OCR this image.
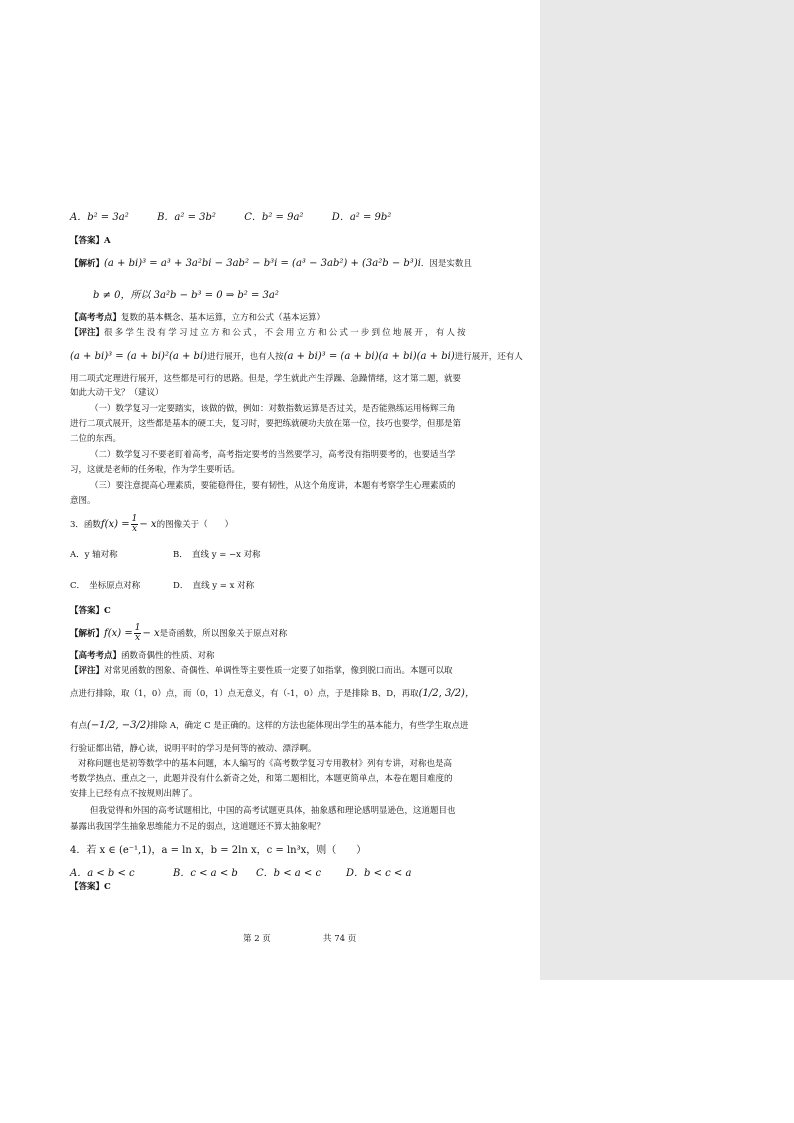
A．b² = 3a²	B．a² = 3b²	C．b² = 9a²	D．a² = 9b²
【答案】A
【解析】(a + bi)³ = a³ + 3a²bi − 3ab² − b³i = (a³ − 3ab²) + (3a²b − b³)i．因是实数且
b ≠ 0，所以 3a²b − b³ = 0 ⇒ b² = 3a²
【高考考点】复数的基本概念、基本运算，立方和公式（基本运算）
【评注】很多学生没有学习过立方和公式，不会用立方和公式一步到位地展开，有人按
(a + bi)³ = (a + bi)²(a + bi)进行展开，也有人按(a + bi)³ = (a + bi)(a + bi)(a + bi)进行展开，还有人
用二项式定理进行展开，这些都是可行的思路。但是，学生就此产生浮躁、急躁情绪，这才第二题，就要
如此大动干戈？（建议）
（一）数学复习一定要踏实，该做的做，例如：对数指数运算是否过关，是否能熟练运用杨辉三角
进行二项式展开，这些都是基本的硬工夫，复习时，要把练就硬功夫放在第一位，技巧也要学，但那是第
二位的东西。
（二）数学复习不要老盯着高考，高考指定要考的当然要学习，高考没有指明要考的，也要适当学
习，这就是老师的任务啦，作为学生要听话。
（三）要注意提高心理素质，要能稳得住，要有韧性，从这个角度讲，本题有考察学生心理素质的
意图。
3．函数$f(x) = \frac{1}{x} - x$的图像关于（　　）
A．y 轴对称	B．　直线 y = −x 对称
C．　坐标原点对称	D．　直线 y = x 对称
【答案】C
【解析】$f(x) = \frac{1}{x} - x$是奇函数，所以图象关于原点对称
【高考考点】函数奇偶性的性质、对称
【评注】对常见函数的图象、奇偶性、单调性等主要性质一定要了如指掌，像到脱口而出。本题可以取
点进行排除，取（1，0）点，而（0，1）点无意义，有（-1，0）点，于是排除 B、D，再取(1/2, 3/2)，
有点(−1/2, −3/2)排除 A，确定 C 是正确的。这样的方法也能体现出学生的基本能力，有些学生取点进
行验证都出错，静心读，说明平时的学习是何等的被动、漂浮啊。
对称问题也是初等数学中的基本问题，本人编写的《高考数学复习专用教材》列有专讲，对称也是高
考数学热点、重点之一，此题并没有什么新奇之处，和第二题相比，本题更简单点，本卷在题目难度的
安排上已经有点不按规则出牌了。
但我觉得和外国的高考试题相比，中国的高考试题更具体，抽象感和理论感明显逊色，这道题目也
暴露出我国学生抽象思维能力不足的弱点，这道题还不算太抽象呢？
4．若 x ∈ (e⁻¹,1)，a = ln x，b = 2ln x，c = ln³x，则（　　）
A．a < b < c	B．c < a < b C．b < a < c D．b < c < a
【答案】C
第 2 页	共 74 页
